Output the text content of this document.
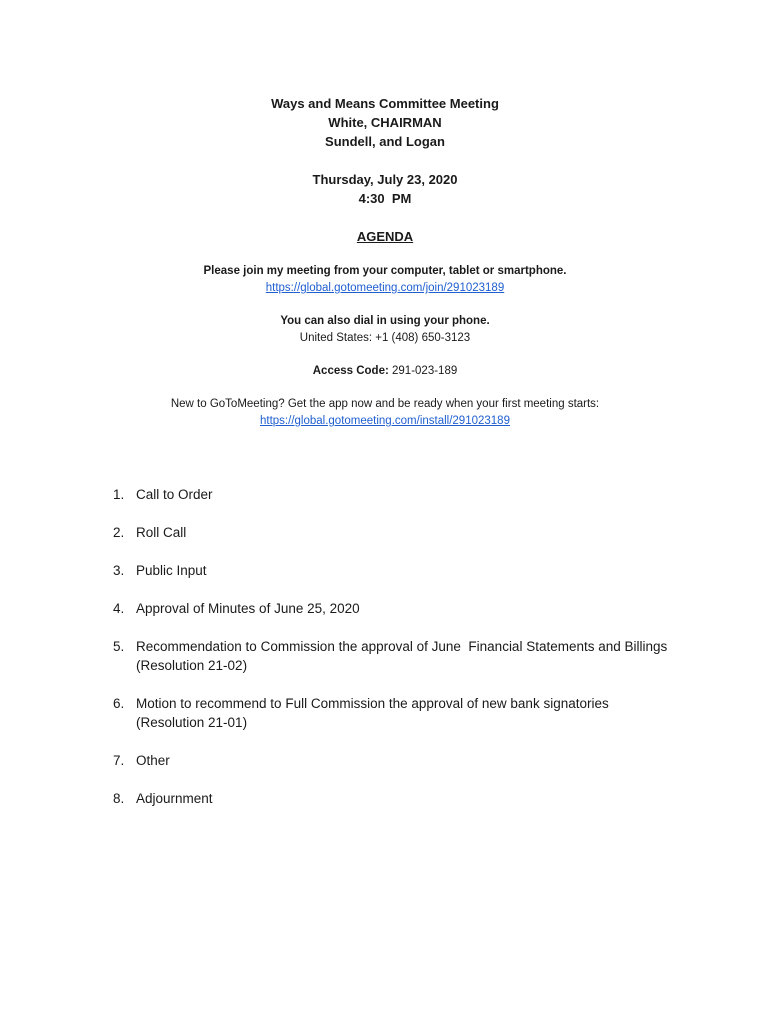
Ways and Means Committee Meeting
White, CHAIRMAN
Sundell, and Logan
Thursday, July 23, 2020
4:30  PM
AGENDA
Please join my meeting from your computer, tablet or smartphone.
https://global.gotomeeting.com/join/291023189
You can also dial in using your phone.
United States: +1 (408) 650-3123
Access Code: 291-023-189
New to GoToMeeting? Get the app now and be ready when your first meeting starts:
https://global.gotomeeting.com/install/291023189
1. Call to Order
2. Roll Call
3. Public Input
4. Approval of Minutes of June 25, 2020
5. Recommendation to Commission the approval of June  Financial Statements and Billings
(Resolution 21-02)
6. Motion to recommend to Full Commission the approval of new bank signatories
(Resolution 21-01)
7. Other
8. Adjournment
